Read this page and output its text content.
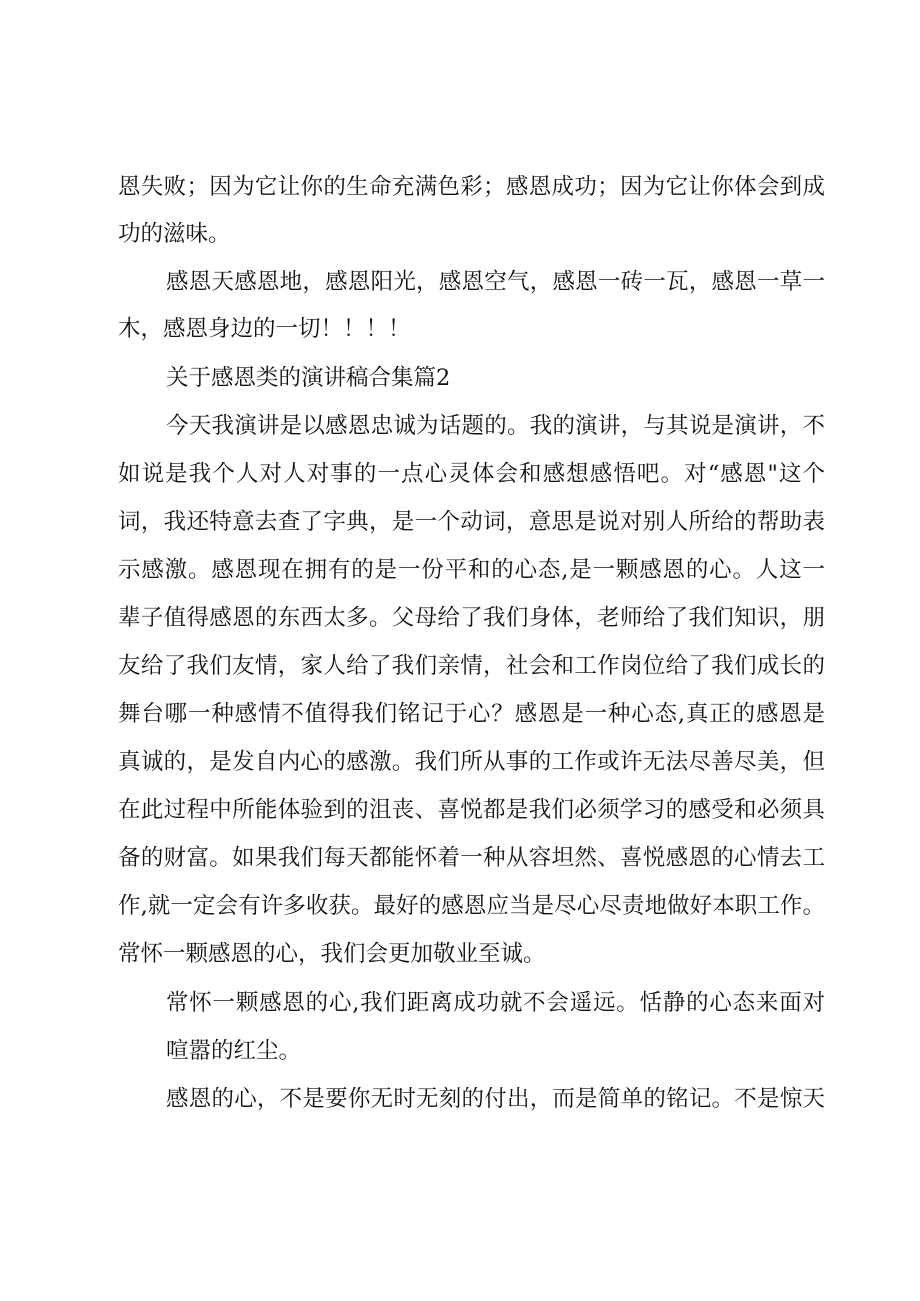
恩失败；因为它让你的生命充满色彩；感恩成功；因为它让你体会到成
功的滋味。
感恩天感恩地，感恩阳光，感恩空气，感恩一砖一瓦，感恩一草一
木，感恩身边的一切！！！！
关于感恩类的演讲稿合集篇2
今天我演讲是以感恩忠诚为话题的。我的演讲，与其说是演讲，不
如说是我个人对人对事的一点心灵体会和感想感悟吧。对“感恩"这个
词，我还特意去查了字典，是一个动词，意思是说对别人所给的帮助表
示感激。感恩现在拥有的是一份平和的心态,是一颗感恩的心。人这一
辈子值得感恩的东西太多。父母给了我们身体，老师给了我们知识，朋
友给了我们友情，家人给了我们亲情，社会和工作岗位给了我们成长的
舞台哪一种感情不值得我们铭记于心？感恩是一种心态,真正的感恩是
真诚的，是发自内心的感激。我们所从事的工作或许无法尽善尽美，但
在此过程中所能体验到的沮丧、喜悦都是我们必须学习的感受和必须具
备的财富。如果我们每天都能怀着一种从容坦然、喜悦感恩的心情去工
作,就一定会有许多收获。最好的感恩应当是尽心尽责地做好本职工作。
常怀一颗感恩的心，我们会更加敬业至诚。
常怀一颗感恩的心,我们距离成功就不会遥远。恬静的心态来面对
喧嚣的红尘。
感恩的心，不是要你无时无刻的付出，而是简单的铭记。不是惊天
